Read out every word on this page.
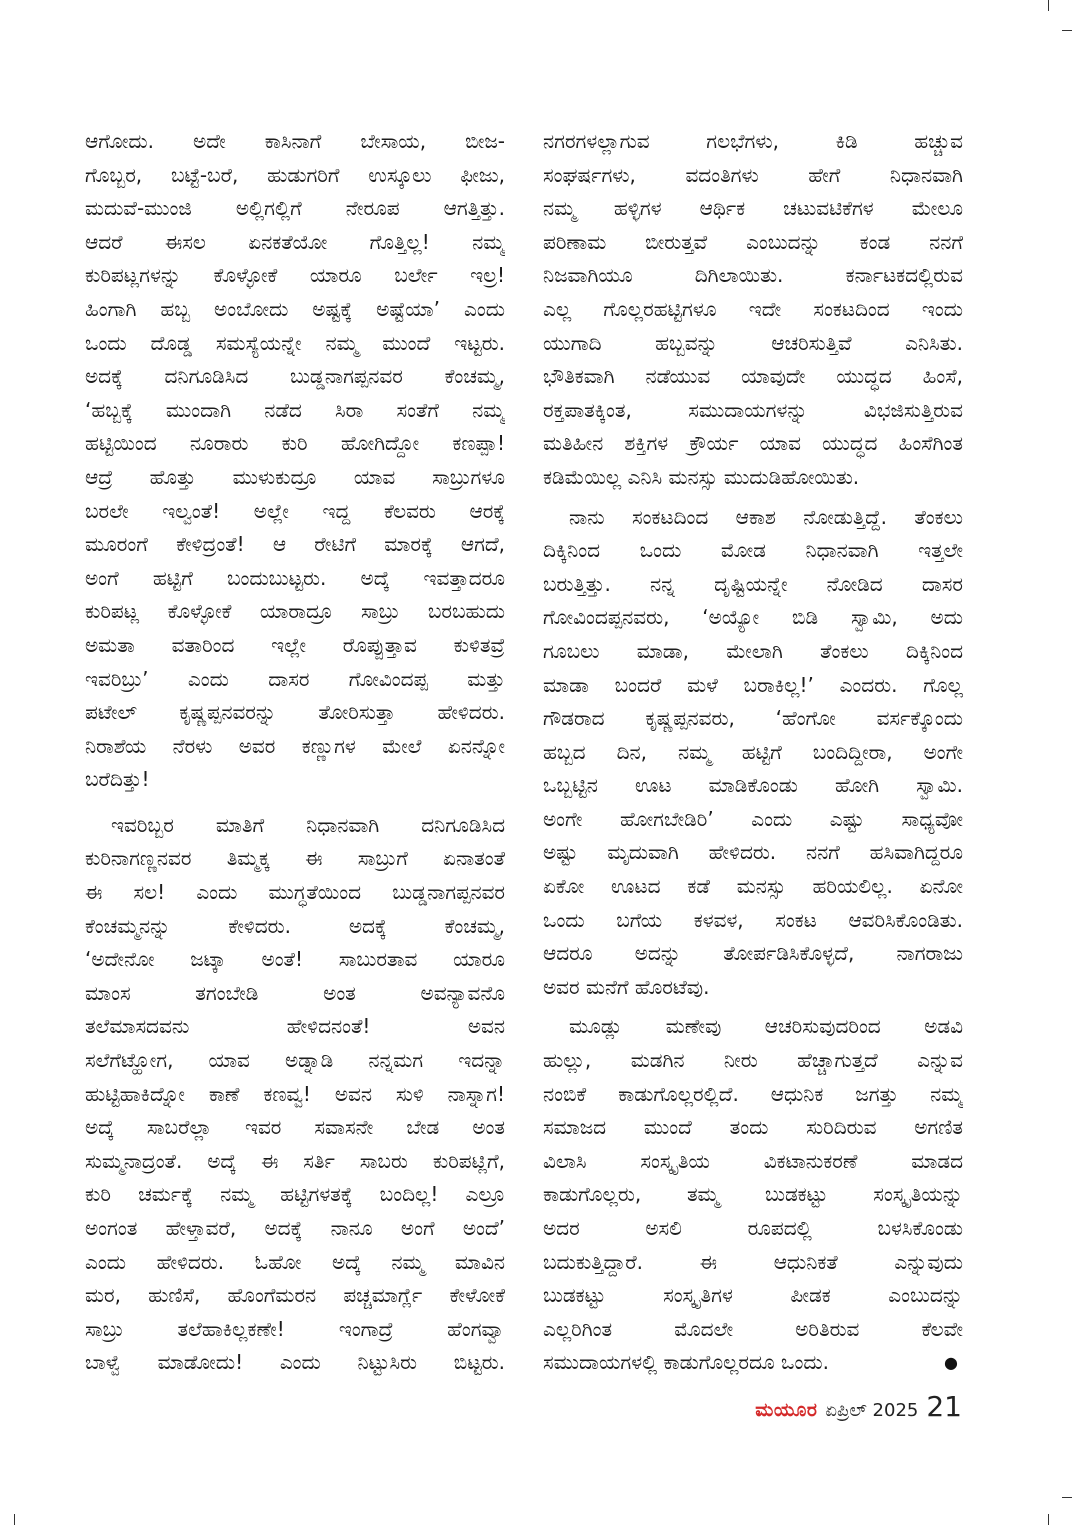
ಆಗೋದು. ಅದೇ ಕಾಸಿನಾಗೆ ಬೇಸಾಯ, ಬೀಜ-
ಗೊಬ್ಬರ, ಬಟ್ಟೆ-ಬರೆ, ಹುಡುಗರಿಗೆ ಉಸ್ಕೂಲು ಫೀಜು,
ಮದುವೆ-ಮುಂಜಿ ಅಲ್ಲಿಗಲ್ಲಿಗೆ ನೇರೂಪ ಆಗತ್ತಿತ್ತು.
ಆದರೆ ಈಸಲ ಏನಕತೆಯೋ ಗೊತ್ತಿಲ್ಲ! ನಮ್ಮ
ಕುರಿಪಟ್ಲಗಳನ್ನು ಕೊಳ್ಳೋಕೆ ಯಾರೂ ಬರ್ಲೇ ಇಲ್ರ!
ಹಿಂಗಾಗಿ ಹಬ್ಬ ಅಂಬೋದು ಅಷ್ಟಕ್ಕೆ ಅಷ್ಟೆಯಾ’ ಎಂದು
ಒಂದು ದೊಡ್ಡ ಸಮಸ್ಯೆಯನ್ನೇ ನಮ್ಮ ಮುಂದೆ ಇಟ್ಟರು.
ಅದಕ್ಕೆ ದನಿಗೂಡಿಸಿದ ಬುಡ್ಡನಾಗಪ್ಪನವರ ಕೆಂಚಮ್ಮ,
‘ಹಬ್ಬಕ್ಕೆ ಮುಂದಾಗಿ ನಡೆದ ಸಿರಾ ಸಂತೆಗೆ ನಮ್ಮ
ಹಟ್ಟಿಯಿಂದ ನೂರಾರು ಕುರಿ ಹೋಗಿದ್ದೋ ಕಣಪ್ಪಾ!
ಆದ್ರೆ ಹೊತ್ತು ಮುಳುಕುದ್ರೂ ಯಾವ ಸಾಬ್ರುಗಳೂ
ಬರಲೇ ಇಲ್ವಂತೆ! ಅಲ್ಲೇ ಇದ್ದ ಕೆಲವರು ಆರಕ್ಕೆ
ಮೂರಂಗೆ ಕೇಳಿದ್ರಂತೆ! ಆ ರೇಟಿಗೆ ಮಾರಕ್ಕೆ ಆಗದೆ,
ಅಂಗೆ ಹಟ್ಟಿಗೆ ಬಂದುಬುಟ್ಟರು. ಅದ್ಕೆ ಇವತ್ತಾದರೂ
ಕುರಿಪಟ್ಲ ಕೊಳ್ಳೋಕೆ ಯಾರಾದ್ರೂ ಸಾಬ್ರು ಬರಬಹುದು
ಅಮತಾ ವತಾರಿಂದ ಇಲ್ಲೇ ರೊಪ್ಪುತ್ತಾವ ಕುಳಿತವ್ರೆ
ಇವರಿಬ್ರು’ ಎಂದು ದಾಸರ ಗೋವಿಂದಪ್ಪ ಮತ್ತು
ಪಟೇಲ್ ಕೃಷ್ಣಪ್ಪನವರನ್ನು ತೋರಿಸುತ್ತಾ ಹೇಳಿದರು.
ನಿರಾಶೆಯ ನೆರಳು ಅವರ ಕಣ್ಣುಗಳ ಮೇಲೆ ಏನನ್ನೋ
ಬರೆದಿತ್ತು!
ಇವರಿಬ್ಬರ ಮಾತಿಗೆ ನಿಧಾನವಾಗಿ ದನಿಗೂಡಿಸಿದ
ಕುರಿನಾಗಣ್ಣನವರ ತಿಮ್ಮಕ್ಕ ಈ ಸಾಬ್ರುಗೆ ಏನಾತಂತೆ
ಈ ಸಲ! ಎಂದು ಮುಗ್ಧತೆಯಿಂದ ಬುಡ್ಡನಾಗಪ್ಪನವರ
ಕೆಂಚಮ್ಮನನ್ನು ಕೇಳಿದರು. ಅದಕ್ಕೆ ಕೆಂಚಮ್ಮ,
‘ಅದೇನೋ ಜಟ್ಕಾ ಅಂತೆ! ಸಾಬುರತಾವ ಯಾರೂ
ಮಾಂಸ ತಗಂಬೇಡಿ ಅಂತ ಅವನ್ಯಾವನೊ
ತಲೆಮಾಸದವನು ಹೇಳಿದನಂತೆ! ಅವನ
ಸಲೆಗೆಟ್ಹೋಗ, ಯಾವ ಅಡ್ನಾಡಿ ನನ್ನಮಗ ಇದನ್ನಾ
ಹುಟ್ಟಿಹಾಕಿದ್ನೋ ಕಾಣೆ ಕಣವ್ವ! ಅವನ ಸುಳಿ ನಾಸ್ನಾಗ!
ಅದ್ಕೆ ಸಾಬರೆಲ್ಲಾ ಇವರ ಸವಾಸನೇ ಬೇಡ ಅಂತ
ಸುಮ್ಮನಾದ್ರಂತೆ. ಅದ್ಕೆ ಈ ಸರ್ತಿ ಸಾಬರು ಕುರಿಪಟ್ಲಿಗೆ,
ಕುರಿ ಚರ್ಮಕ್ಕೆ ನಮ್ಮ ಹಟ್ಟಿಗಳತಕ್ಕೆ ಬಂದಿಲ್ಲ! ಎಲ್ರೂ
ಅಂಗಂತ ಹೇಳ್ತಾವರೆ, ಅದಕ್ಕೆ ನಾನೂ ಅಂಗೆ ಅಂದೆ’
ಎಂದು ಹೇಳಿದರು. ಓಹೋ ಅದ್ಕೆ ನಮ್ಮ ಮಾವಿನ
ಮರ, ಹುಣಿಸೆ, ಹೊಂಗೆಮರನ ಪಚ್ಚಮಾರ್ಗ್ಲೆ ಕೇಳೋಕೆ
ಸಾಬ್ರು ತಲೆಹಾಕಿಲ್ಲಕಣೇ! ಇಂಗಾದ್ರೆ ಹೆಂಗವ್ವಾ
ಬಾಳ್ವೆ ಮಾಡೋದು! ಎಂದು ನಿಟ್ಟುಸಿರು ಬಿಟ್ಟರು.
ನಗರಗಳಲ್ಲಾಗುವ ಗಲಭೆಗಳು, ಕಿಡಿ ಹಚ್ಚುವ
ಸಂಘರ್ಷಗಳು, ವದಂತಿಗಳು ಹೇಗೆ ನಿಧಾನವಾಗಿ
ನಮ್ಮ ಹಳ್ಳಿಗಳ ಆರ್ಥಿಕ ಚಟುವಟಿಕೆಗಳ ಮೇಲೂ
ಪರಿಣಾಮ ಬೀರುತ್ತವೆ ಎಂಬುದನ್ನು ಕಂಡ ನನಗೆ
ನಿಜವಾಗಿಯೂ ದಿಗಿಲಾಯಿತು. ಕರ್ನಾಟಕದಲ್ಲಿರುವ
ಎಲ್ಲ ಗೊಲ್ಲರಹಟ್ಟಿಗಳೂ ಇದೇ ಸಂಕಟದಿಂದ ಇಂದು
ಯುಗಾದಿ ಹಬ್ಬವನ್ನು ಆಚರಿಸುತ್ತಿವೆ ಎನಿಸಿತು.
ಭೌತಿಕವಾಗಿ ನಡೆಯುವ ಯಾವುದೇ ಯುದ್ಧದ ಹಿಂಸೆ,
ರಕ್ತಪಾತಕ್ಕಿಂತ, ಸಮುದಾಯಗಳನ್ನು ವಿಭಜಿಸುತ್ತಿರುವ
ಮತಿಹೀನ ಶಕ್ತಿಗಳ ಕ್ರೌರ್ಯ ಯಾವ ಯುದ್ಧದ ಹಿಂಸೆಗಿಂತ
ಕಡಿಮೆಯಿಲ್ಲ ಎನಿಸಿ ಮನಸ್ಸು ಮುದುಡಿಹೋಯಿತು.
ನಾನು ಸಂಕಟದಿಂದ ಆಕಾಶ ನೋಡುತ್ತಿದ್ದೆ. ತೆಂಕಲು
ದಿಕ್ಕಿನಿಂದ ಒಂದು ಮೋಡ ನಿಧಾನವಾಗಿ ಇತ್ತಲೇ
ಬರುತ್ತಿತ್ತು. ನನ್ನ ದೃಷ್ಟಿಯನ್ನೇ ನೋಡಿದ ದಾಸರ
ಗೋವಿಂದಪ್ಪನವರು, ‘ಅಯ್ಯೋ ಬಿಡಿ ಸ್ವಾಮಿ, ಅದು
ಗೂಬಲು ಮಾಡಾ, ಮೇಲಾಗಿ ತೆಂಕಲು ದಿಕ್ಕಿನಿಂದ
ಮಾಡಾ ಬಂದರೆ ಮಳೆ ಬರಾಕಿಲ್ಲ!’ ಎಂದರು. ಗೊಲ್ಲ
ಗೌಡರಾದ ಕೃಷ್ಣಪ್ಪನವರು, ‘ಹೆಂಗೋ ವರ್ಸಕ್ಕೊಂದು
ಹಬ್ಬದ ದಿನ, ನಮ್ಮ ಹಟ್ಟಿಗೆ ಬಂದಿದ್ದೀರಾ, ಅಂಗೇ
ಒಬ್ಬಟ್ಟಿನ ಊಟ ಮಾಡಿಕೊಂಡು ಹೋಗಿ ಸ್ವಾಮಿ.
ಅಂಗೇ ಹೋಗಬೇಡಿರಿ’ ಎಂದು ಎಷ್ಟು ಸಾಧ್ಯವೋ
ಅಷ್ಟು ಮೃದುವಾಗಿ ಹೇಳಿದರು. ನನಗೆ ಹಸಿವಾಗಿದ್ದರೂ
ಏಕೋ ಊಟದ ಕಡೆ ಮನಸ್ಸು ಹರಿಯಲಿಲ್ಲ. ಏನೋ
ಒಂದು ಬಗೆಯ ಕಳವಳ, ಸಂಕಟ ಆವರಿಸಿಕೊಂಡಿತು.
ಆದರೂ ಅದನ್ನು ತೋರ್ಪಡಿಸಿಕೊಳ್ಳದೆ, ನಾಗರಾಜು
ಅವರ ಮನೆಗೆ ಹೊರಟೆವು.
ಮೂಡ್ಲು ಮಣೇವು ಆಚರಿಸುವುದರಿಂದ ಅಡವಿ
ಹುಲ್ಲು, ಮಡಗಿನ ನೀರು ಹೆಚ್ಚಾಗುತ್ತದೆ ಎನ್ನುವ
ನಂಬಿಕೆ ಕಾಡುಗೊಲ್ಲರಲ್ಲಿದೆ. ಆಧುನಿಕ ಜಗತ್ತು ನಮ್ಮ
ಸಮಾಜದ ಮುಂದೆ ತಂದು ಸುರಿದಿರುವ ಅಗಣಿತ
ವಿಲಾಸಿ ಸಂಸ್ಕೃತಿಯ ವಿಕಟಾನುಕರಣೆ ಮಾಡದ
ಕಾಡುಗೊಲ್ಲರು, ತಮ್ಮ ಬುಡಕಟ್ಟು ಸಂಸ್ಕೃತಿಯನ್ನು
ಅದರ ಅಸಲಿ ರೂಪದಲ್ಲಿ ಬಳಸಿಕೊಂಡು
ಬದುಕುತ್ತಿದ್ದಾರೆ. ಈ ಆಧುನಿಕತೆ ಎನ್ನುವುದು
ಬುಡಕಟ್ಟು ಸಂಸ್ಕೃತಿಗಳ ಪೀಡಕ ಎಂಬುದನ್ನು
ಎಲ್ಲರಿಗಿಂತ ಮೊದಲೇ ಅರಿತಿರುವ ಕೆಲವೇ
ಸಮುದಾಯಗಳಲ್ಲಿ ಕಾಡುಗೊಲ್ಲರದೂ ಒಂದು.	●
ಮಯೂರ ಏಪ್ರಿಲ್ 2025 21
